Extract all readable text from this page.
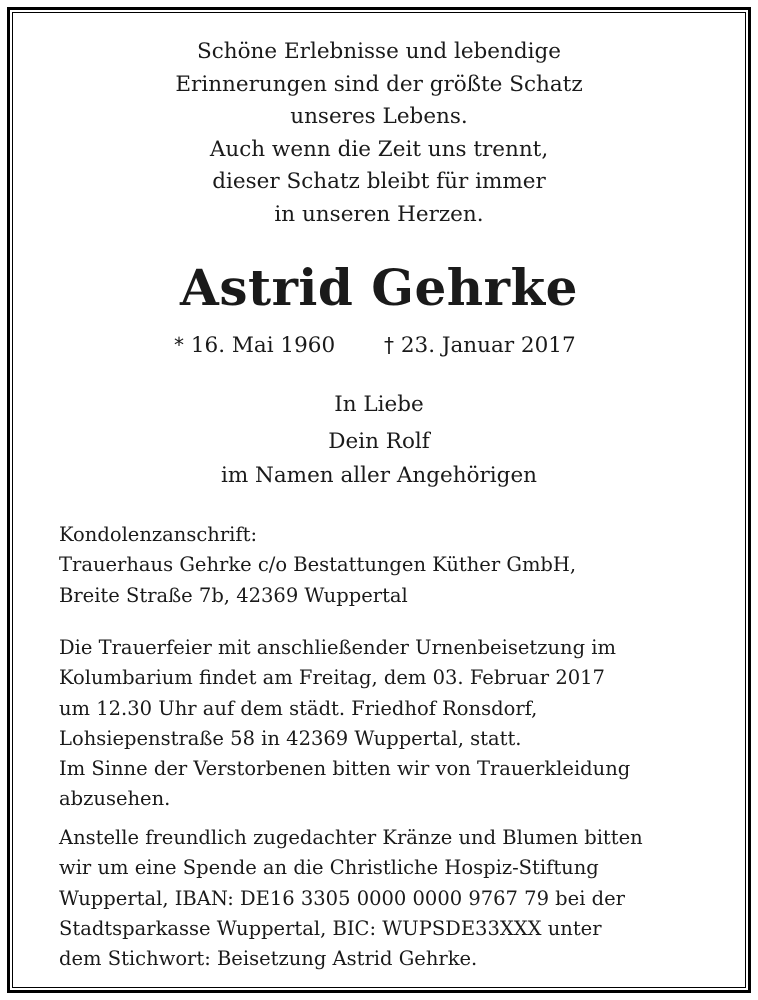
Schöne Erlebnisse und lebendige
Erinnerungen sind der größte Schatz
unseres Lebens.
Auch wenn die Zeit uns trennt,
dieser Schatz bleibt für immer
in unseren Herzen.
Astrid Gehrke
* 16. Mai 1960 † 23. Januar 2017
In Liebe
Dein Rolf
im Namen aller Angehörigen
Kondolenzanschrift:
Trauerhaus Gehrke c/o Bestattungen Küther GmbH,
Breite Straße 7b, 42369 Wuppertal
Die Trauerfeier mit anschließender Urnenbeisetzung im
Kolumbarium findet am Freitag, dem 03. Februar 2017
um 12.30 Uhr auf dem städt. Friedhof Ronsdorf,
Lohsiepenstraße 58 in 42369 Wuppertal, statt.
Im Sinne der Verstorbenen bitten wir von Trauerkleidung
abzusehen.
Anstelle freundlich zugedachter Kränze und Blumen bitten
wir um eine Spende an die Christliche Hospiz-Stiftung
Wuppertal, IBAN: DE16 3305 0000 0000 9767 79 bei der
Stadtsparkasse Wuppertal, BIC: WUPSDE33XXX unter
dem Stichwort: Beisetzung Astrid Gehrke.
